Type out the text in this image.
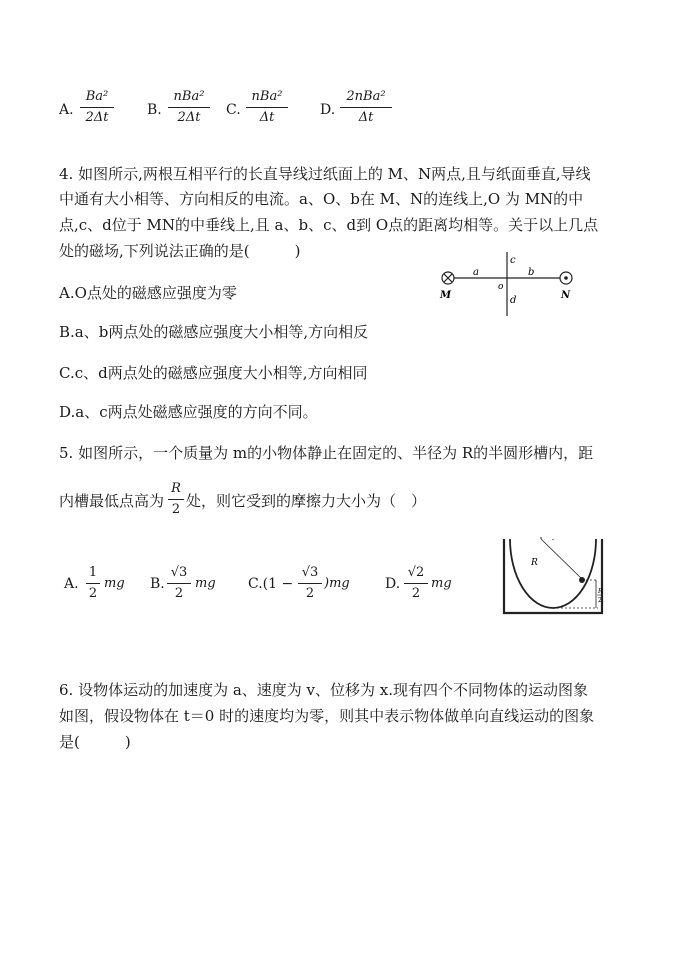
A. $\frac{\text{Ba²}}{2\Delta t} B$.
nBa²
2Δt	C.
nBa²
Δt	D.
2nBa²
Δt
4. 如图所示,两根互相平行的长直导线过纸面上的 M、N两点,且与纸面垂直,导线
中通有大小相等、方向相反的电流。a、O、b在 M、N的连线上,O 为 MN的中
点,c、d位于 MN的中垂线上,且 a、b、c、d到 O点的距离均相等。关于以上几点
处的磁场,下列说法正确的是(　　　)
A.O点处的磁感应强度为零
B.a、b两点处的磁感应强度大小相等,方向相反
C.c、d两点处的磁感应强度大小相等,方向相同
D.a、c两点处磁感应强度的方向不同。
M	N
a	b
c
d
o
5. 如图所示，一个质量为 m的小物体静止在固定的、半径为 R的半圆形槽内，距
内槽最低点高为 $\frac{R}{2}$ 处，则它受到的摩擦力大小为（　）
A. $\frac{1}{2}$ mg B. $\frac{√3}{2}$ mg $C.(1 - \frac{√3}{2} )mg$	D. $\frac{√2}{2}$ mg
R
R
2
6. 设物体运动的加速度为 a、速度为 v、位移为 x.现有四个不同物体的运动图象
如图，假设物体在 t＝0 时的速度均为零，则其中表示物体做单向直线运动的图象
是(　　　)
